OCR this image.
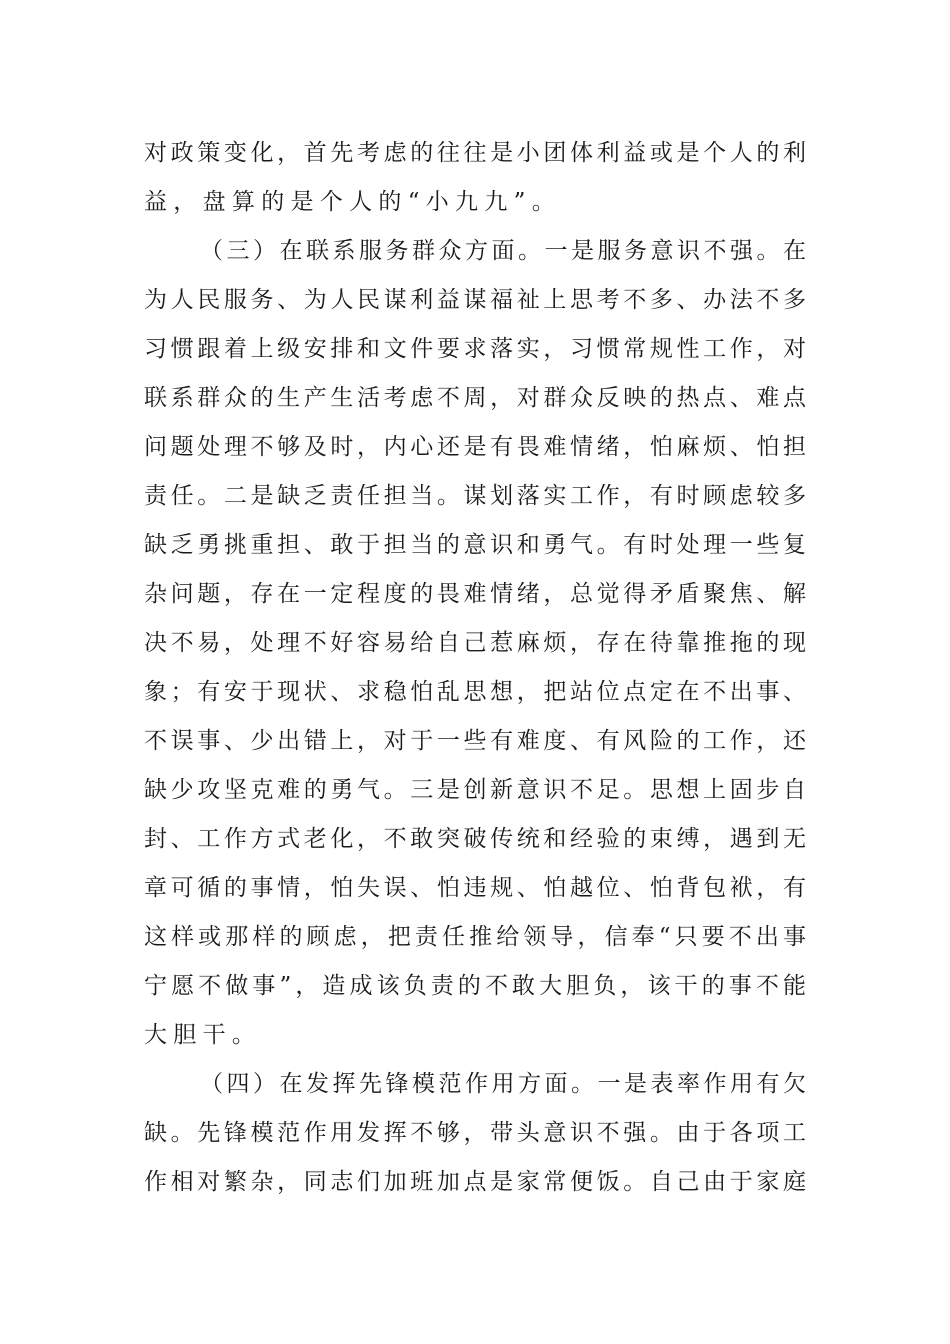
对政策变化，首先考虑的往往是小团体利益或是个人的利
益，盘算的是个人的“小九九”。
（三）在联系服务群众方面。一是服务意识不强。在
为人民服务、为人民谋利益谋福祉上思考不多、办法不多
习惯跟着上级安排和文件要求落实，习惯常规性工作，对
联系群众的生产生活考虑不周，对群众反映的热点、难点
问题处理不够及时，内心还是有畏难情绪，怕麻烦、怕担
责任。二是缺乏责任担当。谋划落实工作，有时顾虑较多
缺乏勇挑重担、敢于担当的意识和勇气。有时处理一些复
杂问题，存在一定程度的畏难情绪，总觉得矛盾聚焦、解
决不易，处理不好容易给自己惹麻烦，存在待靠推拖的现
象；有安于现状、求稳怕乱思想，把站位点定在不出事、
不误事、少出错上，对于一些有难度、有风险的工作，还
缺少攻坚克难的勇气。三是创新意识不足。思想上固步自
封、工作方式老化，不敢突破传统和经验的束缚，遇到无
章可循的事情，怕失误、怕违规、怕越位、怕背包袱，有
这样或那样的顾虑，把责任推给领导，信奉“只要不出事
宁愿不做事”，造成该负责的不敢大胆负，该干的事不能
大胆干。
（四）在发挥先锋模范作用方面。一是表率作用有欠
缺。先锋模范作用发挥不够，带头意识不强。由于各项工
作相对繁杂，同志们加班加点是家常便饭。自己由于家庭
